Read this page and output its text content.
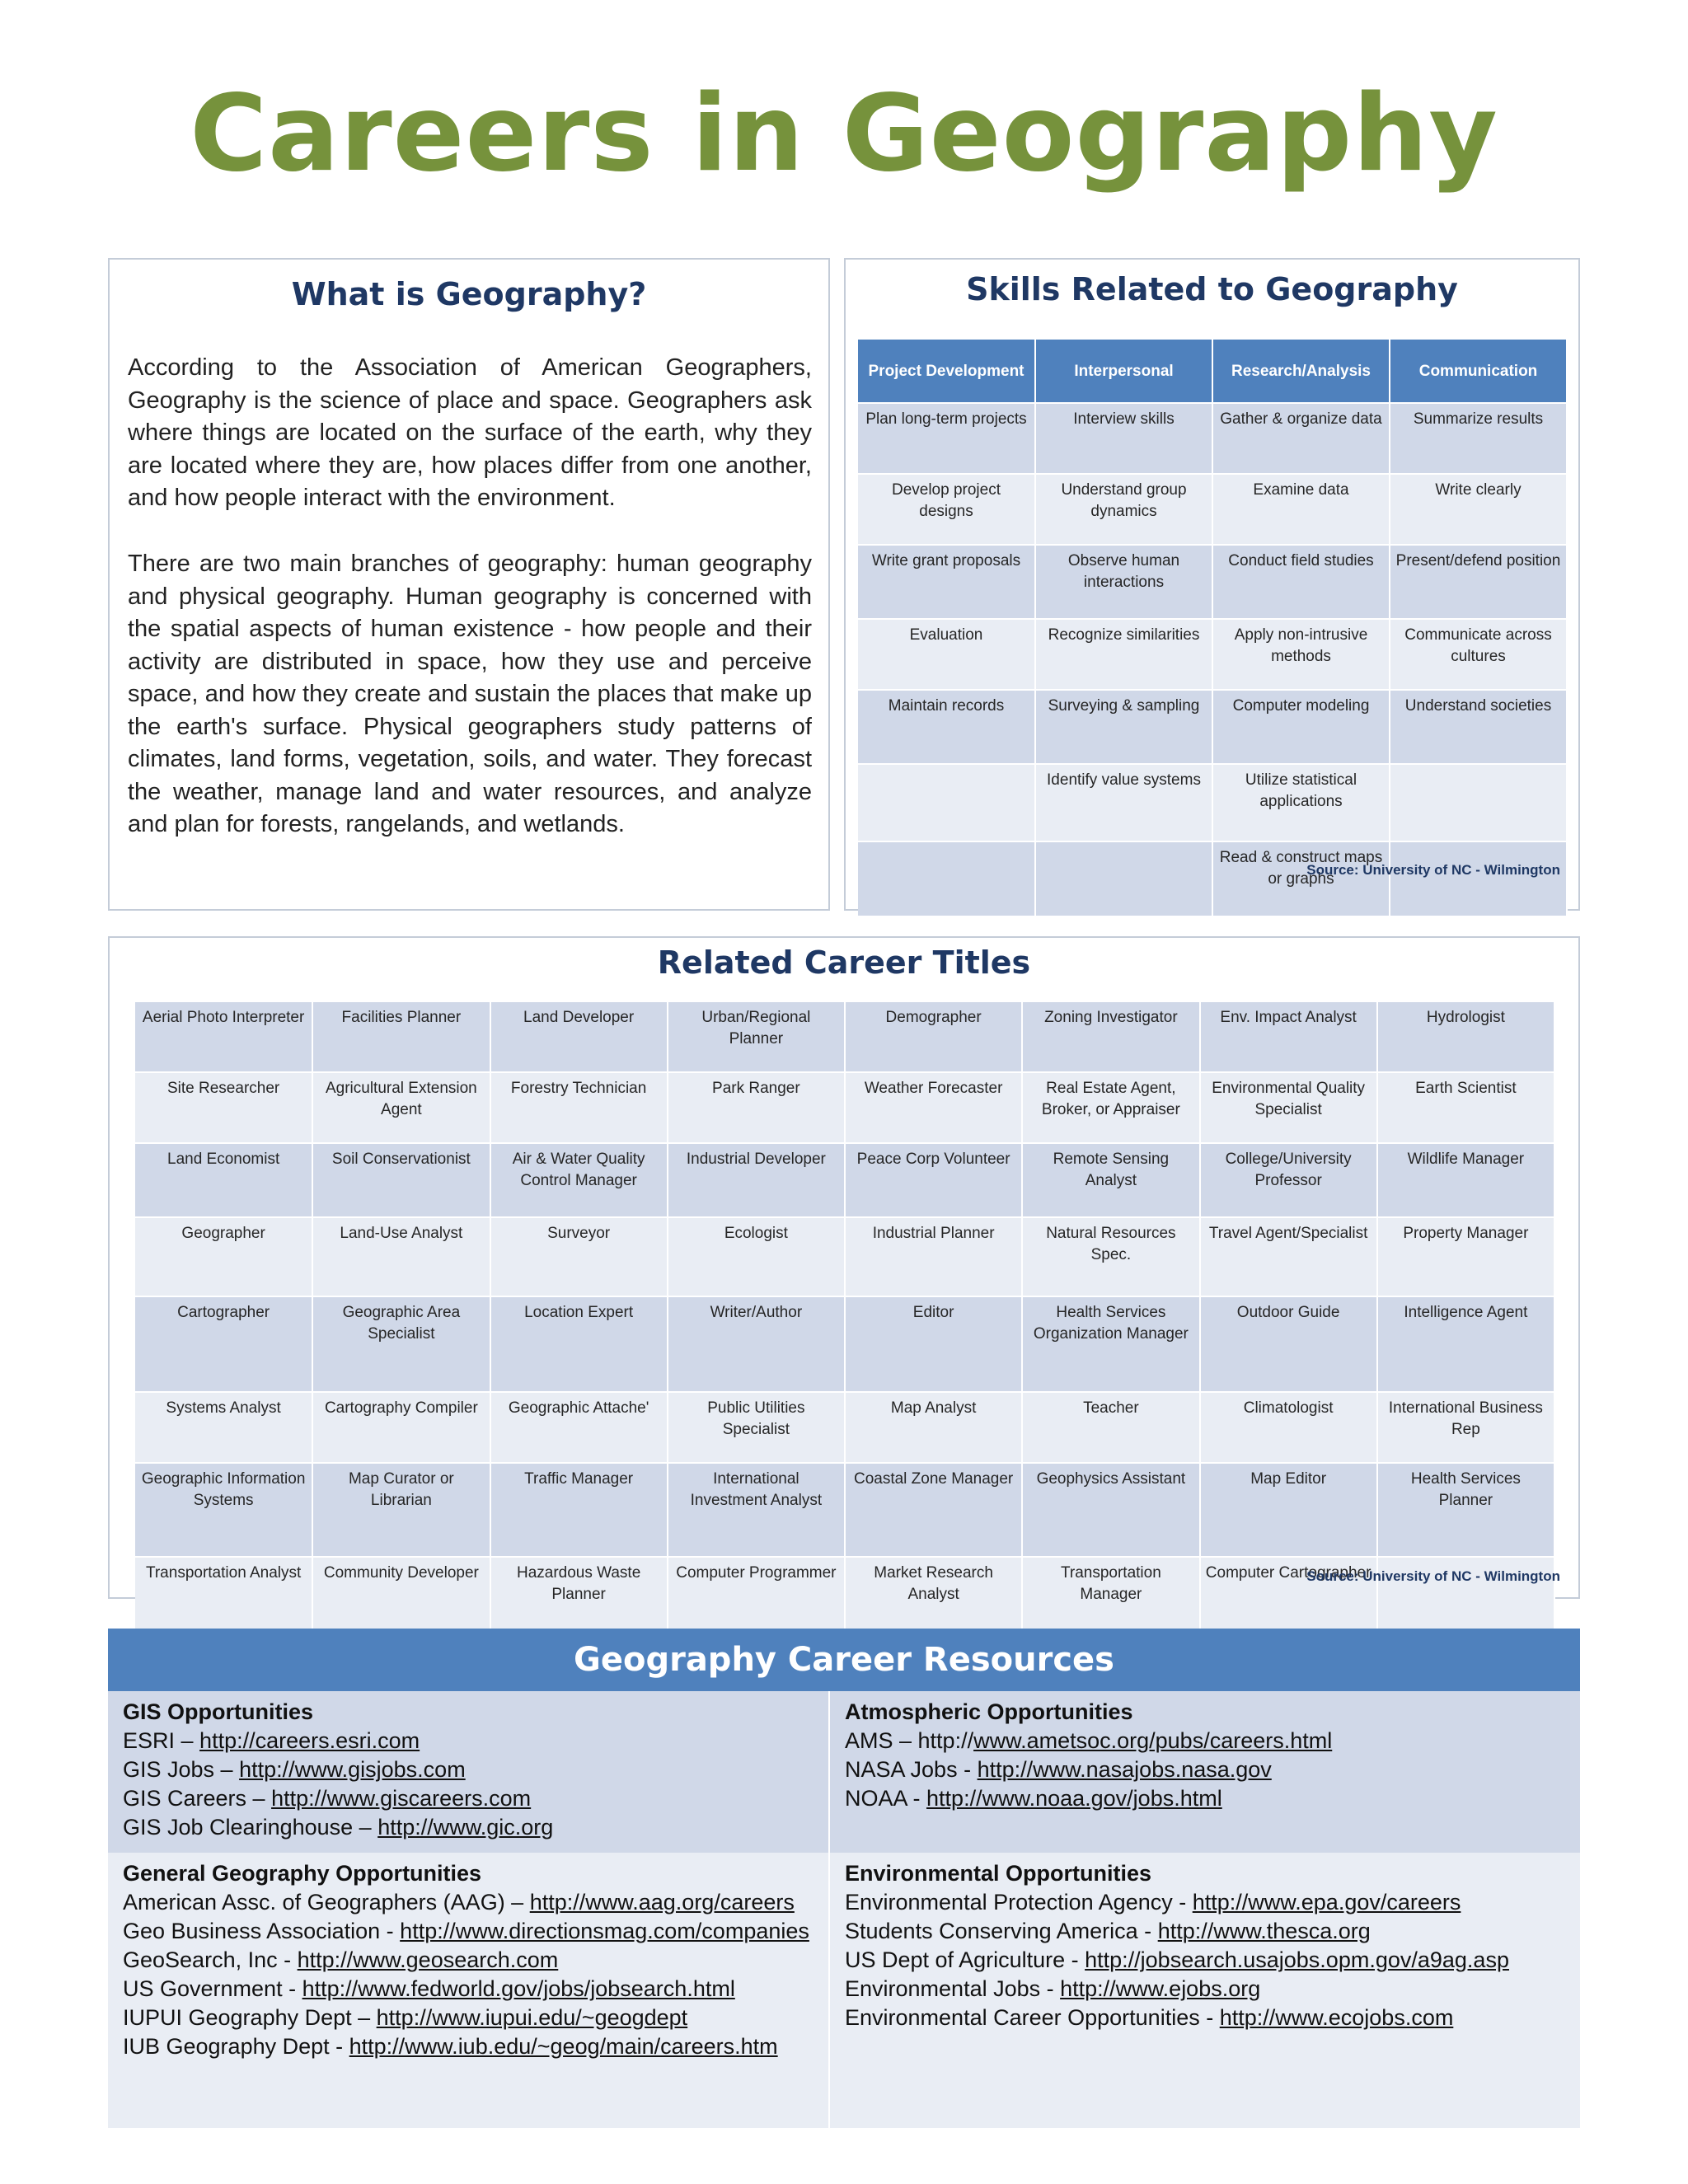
Careers in Geography
What is Geography?

According to the Association of American Geographers, Geography is the science of place and space. Geographers ask where things are located on the surface of the earth, why they are located where they are, how places differ from one another, and how people interact with the environment.

There are two main branches of geography: human geography and physical geography. Human geography is concerned with the spatial aspects of human existence - how people and their activity are distributed in space, how they use and perceive space, and how they create and sustain the places that make up the earth's surface. Physical geographers study patterns of climates, land forms, vegetation, soils, and water. They forecast the weather, manage land and water resources, and analyze and plan for forests, rangelands, and wetlands.

Skills Related to Geography
Project Development	Interpersonal	Research/Analysis	Communication
Plan long-term projects	Interview skills	Gather & organize data	Summarize results
Develop project designs	Understand group dynamics	Examine data	Write clearly
Write grant proposals	Observe human interactions	Conduct field studies	Present/defend position
Evaluation	Recognize similarities	Apply non-intrusive methods	Communicate across cultures
Maintain records	Surveying & sampling	Computer modeling	Understand societies
	Identify value systems	Utilize statistical applications	
		Read & construct maps or graphs	
Source: University of NC - Wilmington
Related Career Titles
Aerial Photo Interpreter	Facilities Planner	Land Developer	Urban/Regional Planner	Demographer	Zoning Investigator	Env. Impact Analyst	Hydrologist
Site Researcher	Agricultural Extension Agent	Forestry Technician	Park Ranger	Weather Forecaster	Real Estate Agent, Broker, or Appraiser	Environmental Quality Specialist	Earth Scientist
Land Economist	Soil Conservationist	Air & Water Quality Control Manager	Industrial Developer	Peace Corp Volunteer	Remote Sensing Analyst	College/University Professor	Wildlife Manager
Geographer	Land-Use Analyst	Surveyor	Ecologist	Industrial Planner	Natural Resources Spec.	Travel Agent/Specialist	Property Manager
Cartographer	Geographic Area Specialist	Location Expert	Writer/Author	Editor	Health Services Organization Manager	Outdoor Guide	Intelligence Agent
Systems Analyst	Cartography Compiler	Geographic Attache'	Public Utilities Specialist	Map Analyst	Teacher	Climatologist	International Business Rep
Geographic Information Systems	Map Curator or Librarian	Traffic Manager	International Investment Analyst	Coastal Zone Manager	Geophysics Assistant	Map Editor	Health Services Planner
Transportation Analyst	Community Developer	Hazardous Waste Planner	Computer Programmer	Market Research Analyst	Transportation Manager	Computer Cartographer	
Source: University of NC - Wilmington
Geography Career Resources
GIS Opportunities
ESRI – http://careers.esri.com
GIS Jobs – http://www.gisjobs.com
GIS Careers – http://www.giscareers.com
GIS Job Clearinghouse – http://www.gic.org
Atmospheric Opportunities
AMS – http://www.ametsoc.org/pubs/careers.html
NASA Jobs - http://www.nasajobs.nasa.gov
NOAA - http://www.noaa.gov/jobs.html
General Geography Opportunities
American Assc. of Geographers (AAG) – http://www.aag.org/careers
Geo Business Association - http://www.directionsmag.com/companies
GeoSearch, Inc - http://www.geosearch.com
US Government - http://www.fedworld.gov/jobs/jobsearch.html
IUPUI Geography Dept – http://www.iupui.edu/~geogdept
IUB Geography Dept - http://www.iub.edu/~geog/main/careers.htm
Environmental Opportunities
Environmental Protection Agency - http://www.epa.gov/careers
Students Conserving America - http://www.thesca.org
US Dept of Agriculture - http://jobsearch.usajobs.opm.gov/a9ag.asp
Environmental Jobs - http://www.ejobs.org
Environmental Career Opportunities - http://www.ecojobs.com
